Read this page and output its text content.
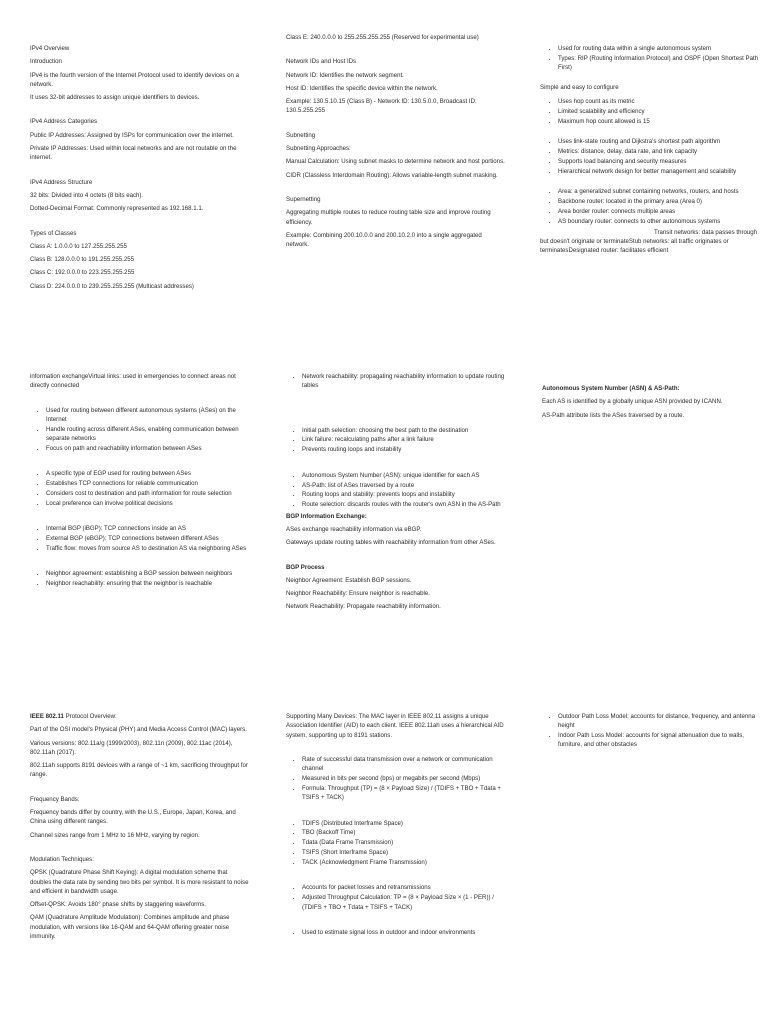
IPv4 Overview

Introduction

IPv4 is the fourth version of the Internet Protocol used to identify devices on a network.

It uses 32-bit addresses to assign unique identifiers to devices.

IPv4 Address Categories

Public IP Addresses: Assigned by ISPs for communication over the internet.

Private IP Addresses: Used within local networks and are not routable on the internet.

IPv4 Address Structure

32 bits: Divided into 4 octets (8 bits each).

Dotted-Decimal Format: Commonly represented as 192.168.1.1.

Types of Classes

Class A: 1.0.0.0 to 127.255.255.255

Class B: 128.0.0.0 to 191.255.255.255

Class C: 192.0.0.0 to 223.255.255.255

Class D: 224.0.0.0 to 239.255.255.255 (Multicast addresses)

Class E: 240.0.0.0 to 255.255.255.255 (Reserved for experimental use)

Network IDs and Host IDs

Network ID: Identifies the network segment.

Host ID: Identifies the specific device within the network.

Example: 130.5.10.15 (Class B) - Network ID: 130.5.0.0, Broadcast ID: 130.5.255.255

Subnetting

Subnetting Approaches:

Manual Calculation: Using subnet masks to determine network and host portions.

CIDR (Classless Interdomain Routing): Allows variable-length subnet masking.

Supernetting

Aggregating multiple routes to reduce routing table size and improve routing efficiency.

Example: Combining 200.10.0.0 and 200.10.2.0 into a single aggregated network.

• Used for routing data within a single autonomous system
• Types: RIP (Routing Information Protocol) and OSPF (Open Shortest Path First)

Simple and easy to configure

• Uses hop count as its metric
• Limited scalability and efficiency
• Maximum hop count allowed is 15
• Uses link-state routing and Dijkstra's shortest path algorithm
• Metrics: distance, delay, data rate, and link capacity
• Supports load balancing and security measures
• Hierarchical network design for better management and scalability
• Area: a generalized subnet containing networks, routers, and hosts
• Backbone router: located in the primary area (Area 0)
• Area border router: connects multiple areas
• AS boundary router: connects to other autonomous systems

Transit networks: data passes through

but doesn't originate or terminateStub networks: all traffic originates or terminatesDesignated router: facilitates efficient

information exchangeVirtual links: used in emergencies to connect areas not directly connected

• Used for routing between different autonomous systems (ASes) on the Internet
• Handle routing across different ASes, enabling communication between separate networks
• Focus on path and reachability information between ASes
• A specific type of EGP used for routing between ASes
• Establishes TCP connections for reliable communication
• Considers cost to destination and path information for route selection
• Local preference can involve political decisions
• Internal BGP (iBGP): TCP connections inside an AS
• External BGP (eBGP): TCP connections between different ASes
• Traffic flow: moves from source AS to destination AS via neighboring ASes
• Neighbor agreement: establishing a BGP session between neighbors
• Neighbor reachability: ensuring that the neighbor is reachable
• Network reachability: propagating reachability information to update routing tables
• Initial path selection: choosing the best path to the destination
• Link failure: recalculating paths after a link failure
• Prevents routing loops and instability
• Autonomous System Number (ASN): unique identifier for each AS
• AS-Path: list of ASes traversed by a route
• Routing loops and stability: prevents loops and instability
• Route selection: discards routes with the router's own ASN in the AS-Path

BGP Information Exchange:

ASes exchange reachability information via eBGP.

Gateways update routing tables with reachability information from other ASes.

BGP Process

Neighbor Agreement: Establish BGP sessions.

Neighbor Reachability: Ensure neighbor is reachable.

Network Reachability: Propagate reachability information.

Autonomous System Number (ASN) & AS-Path:

Each AS is identified by a globally unique ASN provided by ICANN.

AS-Path attribute lists the ASes traversed by a route.

IEEE 802.11 Protocol Overview:

Part of the OSI model's Physical (PHY) and Media Access Control (MAC) layers.

Various versions: 802.11a/g (1999/2003), 802.11n (2009), 802.11ac (2014), 802.11ah (2017).

802.11ah supports 8191 devices with a range of ~1 km, sacrificing throughput for range.

Frequency Bands:

Frequency bands differ by country, with the U.S., Europe, Japan, Korea, and China using different ranges.

Channel sizes range from 1 MHz to 16 MHz, varying by region.

Modulation Techniques:

QPSK (Quadrature Phase Shift Keying): A digital modulation scheme that doubles the data rate by sending two bits per symbol. It is more resistant to noise and efficient in bandwidth usage.

Offset-QPSK: Avoids 180° phase shifts by staggering waveforms.

QAM (Quadrature Amplitude Modulation): Combines amplitude and phase modulation, with versions like 16-QAM and 64-QAM offering greater noise immunity.

Supporting Many Devices: The MAC layer in IEEE 802.11 assigns a unique Association Identifier (AID) to each client. IEEE 802.11ah uses a hierarchical AID system, supporting up to 8191 stations.

• Rate of successful data transmission over a network or communication channel
• Measured in bits per second (bps) or megabits per second (Mbps)
• Formula: Throughput (TP) = (8 × Payload Size) / (TDIFS + TBO + Tdata + TSIFS + TACK)
• TDIFS (Distributed Interframe Space)
• TBO (Backoff Time)
• Tdata (Data Frame Transmission)
• TSIFS (Short Interframe Space)
• TACK (Acknowledgment Frame Transmission)
• Accounts for packet losses and retransmissions
• Adjusted Throughput Calculation: TP = (8 × Payload Size × (1 - PER)) / (TDIFS + TBO + Tdata + TSIFS + TACK)
• Used to estimate signal loss in outdoor and indoor environments
• Outdoor Path Loss Model: accounts for distance, frequency, and antenna height
• Indoor Path Loss Model: accounts for signal attenuation due to walls, furniture, and other obstacles
